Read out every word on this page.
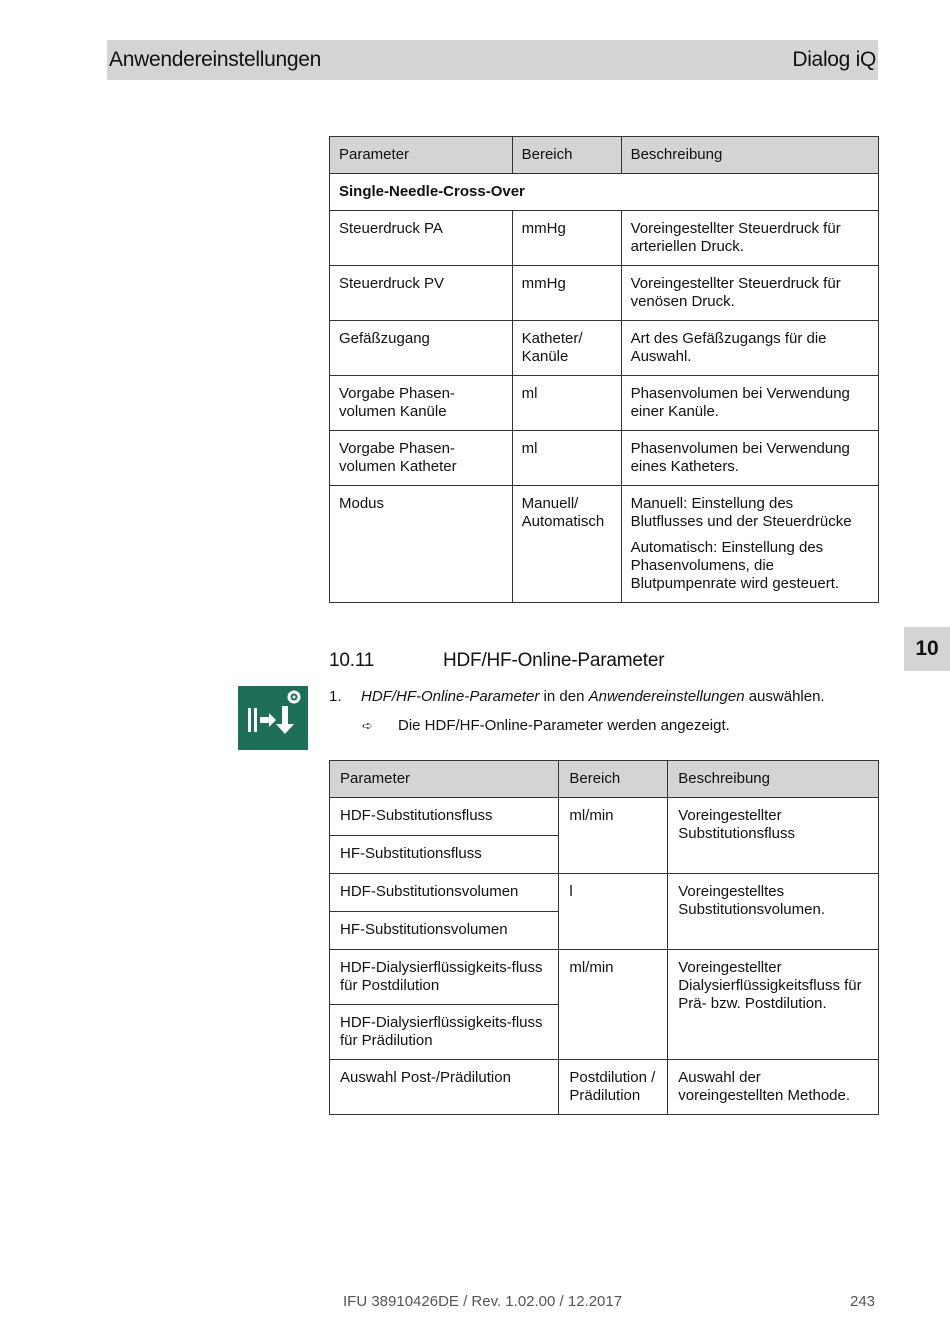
Anwendereinstellungen	Dialog iQ
10
Parameter	Bereich	Beschreibung
Single-Needle-Cross-Over		
Steuerdruck PA	mmHg	Voreingestellter Steuerdruck für arteriellen Druck.
Steuerdruck PV	mmHg	Voreingestellter Steuerdruck für venösen Druck.
Gefäßzugang	Katheter/ Kanüle	Art des Gefäßzugangs für die Auswahl.
Vorgabe Phasen-volumen Kanüle	ml	Phasenvolumen bei Verwendung einer Kanüle.
Vorgabe Phasen-volumen Katheter	ml	Phasenvolumen bei Verwendung eines Katheters.
Modus	Manuell/ Automatisch	Manuell: Einstellung des Blutflusses und der Steuerdrücke
Automatisch: Einstellung des Phasenvolumens, die Blutpumpenrate wird gesteuert.
10.11	HDF/HF-Online-Parameter
1. HDF/HF-Online-Parameter in den Anwendereinstellungen auswählen.
➪ Die HDF/HF-Online-Parameter werden angezeigt.
Parameter	Bereich	Beschreibung
HDF-Substitutionsfluss	ml/min	Voreingestellter Substitutionsfluss
HF-Substitutionsfluss		
HDF-Substitutionsvolumen	l	Voreingestelltes Substitutionsvolumen.
HF-Substitutionsvolumen		
HDF-Dialysierflüssigkeits-fluss für Postdilution	ml/min	Voreingestellter Dialysierflüssigkeitsfluss für Prä- bzw. Postdilution.
HDF-Dialysierflüssigkeits-fluss für Prädilution		
Auswahl Post-/Prädilution	Postdilution / Prädilution	Auswahl der voreingestellten Methode.
IFU 38910426DE / Rev. 1.02.00 / 12.2017	243
